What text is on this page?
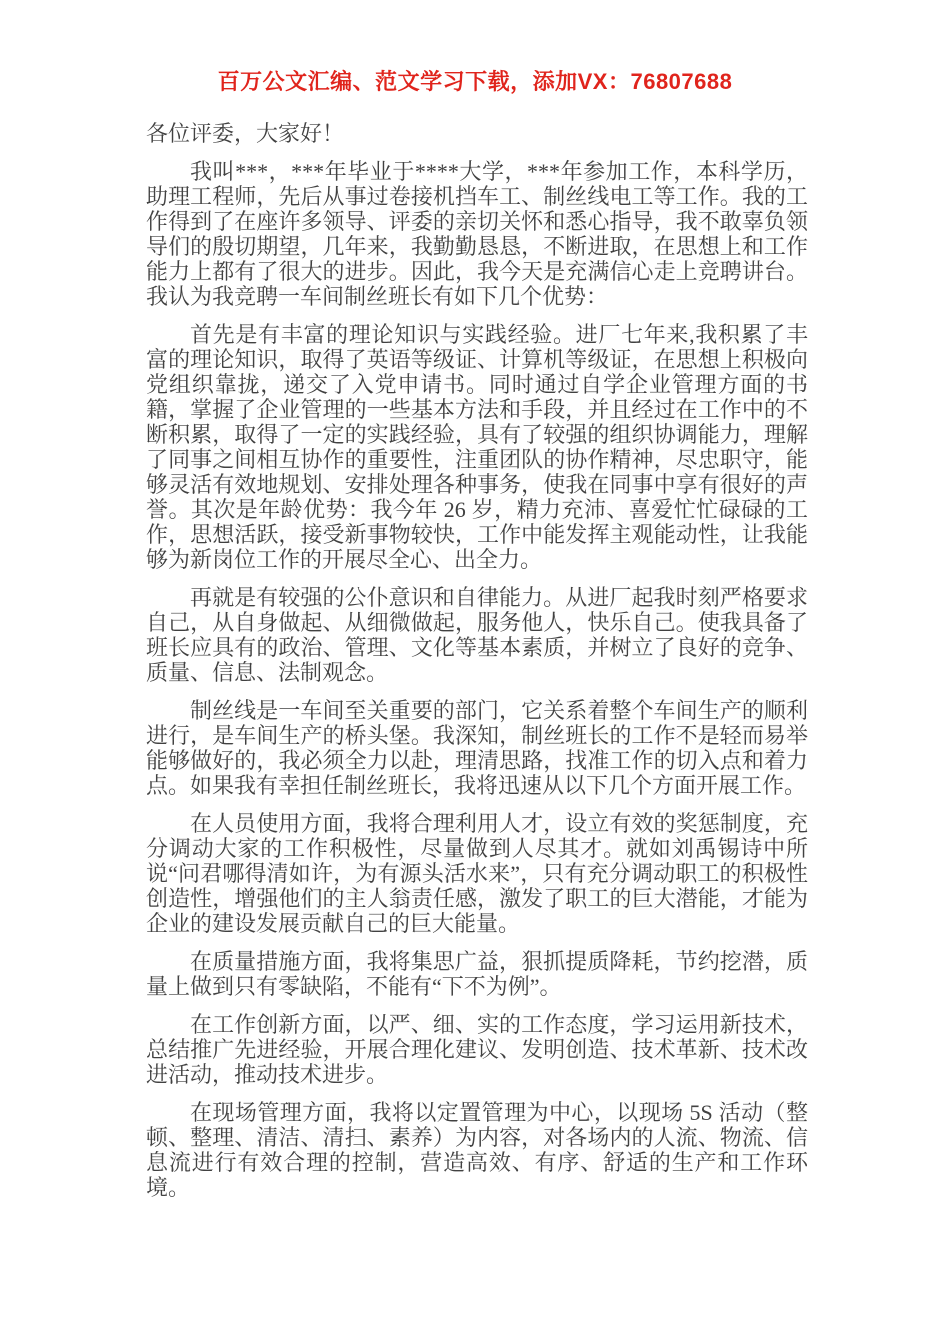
百万公文汇编、范文学习下载，添加VX：76807688

各位评委，大家好！

我叫***，***年毕业于****大学，***年参加工作，本科学历，助理工程师，先后从事过卷接机挡车工、制丝线电工等工作。我的工作得到了在座许多领导、评委的亲切关怀和悉心指导，我不敢辜负领导们的殷切期望，几年来，我勤勤恳恳，不断进取，在思想上和工作能力上都有了很大的进步。因此，我今天是充满信心走上竞聘讲台。我认为我竞聘一车间制丝班长有如下几个优势：

首先是有丰富的理论知识与实践经验。进厂七年来,我积累了丰富的理论知识，取得了英语等级证、计算机等级证，在思想上积极向党组织靠拢，递交了入党申请书。同时通过自学企业管理方面的书籍，掌握了企业管理的一些基本方法和手段，并且经过在工作中的不断积累，取得了一定的实践经验，具有了较强的组织协调能力，理解了同事之间相互协作的重要性，注重团队的协作精神，尽忠职守，能够灵活有效地规划、安排处理各种事务，使我在同事中享有很好的声誉。其次是年龄优势：我今年 26 岁，精力充沛、喜爱忙忙碌碌的工作，思想活跃，接受新事物较快，工作中能发挥主观能动性，让我能够为新岗位工作的开展尽全心、出全力。

再就是有较强的公仆意识和自律能力。从进厂起我时刻严格要求自己，从自身做起、从细微做起，服务他人，快乐自己。使我具备了班长应具有的政治、管理、文化等基本素质，并树立了良好的竞争、质量、信息、法制观念。

制丝线是一车间至关重要的部门，它关系着整个车间生产的顺利进行，是车间生产的桥头堡。我深知，制丝班长的工作不是轻而易举能够做好的，我必须全力以赴，理清思路，找准工作的切入点和着力点。如果我有幸担任制丝班长，我将迅速从以下几个方面开展工作。

在人员使用方面，我将合理利用人才，设立有效的奖惩制度，充分调动大家的工作积极性，尽量做到人尽其才。就如刘禹锡诗中所说“问君哪得清如许，为有源头活水来”，只有充分调动职工的积极性创造性，增强他们的主人翁责任感，激发了职工的巨大潜能，才能为企业的建设发展贡献自己的巨大能量。

在质量措施方面，我将集思广益，狠抓提质降耗，节约挖潜，质量上做到只有零缺陷，不能有“下不为例”。

在工作创新方面，以严、细、实的工作态度，学习运用新技术，总结推广先进经验，开展合理化建议、发明创造、技术革新、技术改进活动，推动技术进步。

在现场管理方面，我将以定置管理为中心，以现场 5S 活动（整顿、整理、清洁、清扫、素养）为内容，对各场内的人流、物流、信息流进行有效合理的控制，营造高效、有序、舒适的生产和工作环境。
